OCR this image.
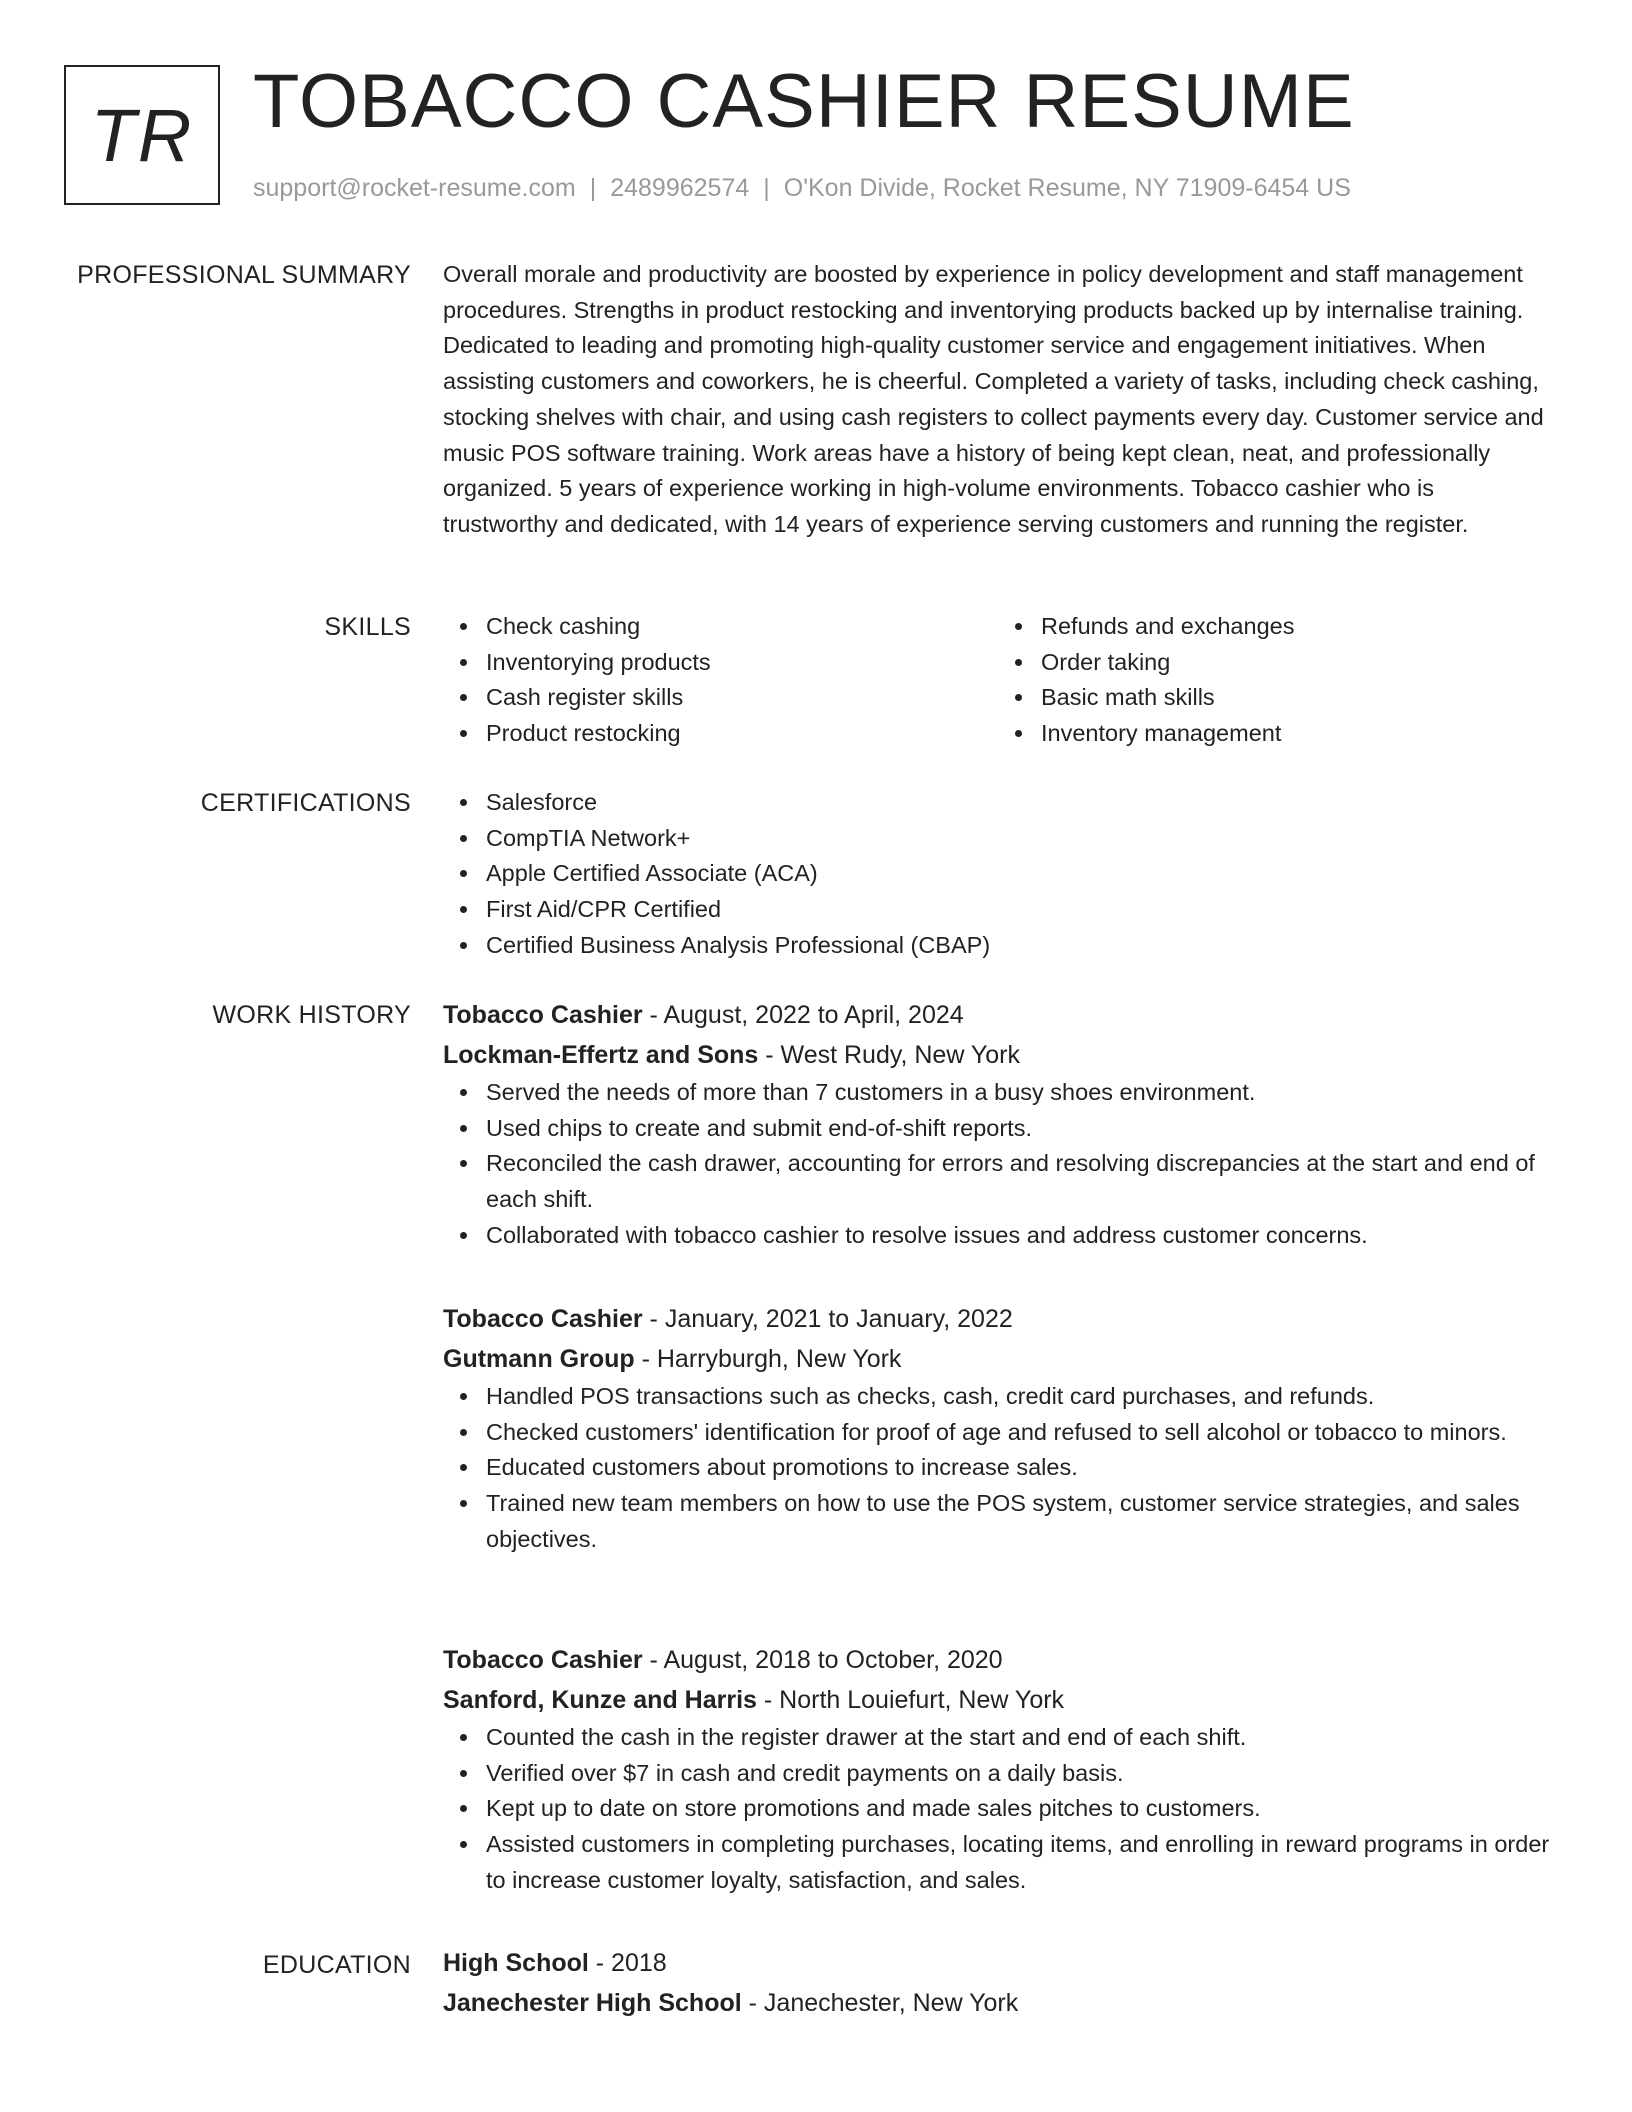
TR TOBACCO CASHIER RESUME
support@rocket-resume.com | 2489962574 | O'Kon Divide, Rocket Resume, NY 71909-6454 US
PROFESSIONAL SUMMARY Overall morale and productivity are boosted by experience in policy development and staff management procedures. Strengths in product restocking and inventorying products backed up by internalise training. Dedicated to leading and promoting high-quality customer service and engagement initiatives. When assisting customers and coworkers, he is cheerful. Completed a variety of tasks, including check cashing, stocking shelves with chair, and using cash registers to collect payments every day. Customer service and music POS software training. Work areas have a history of being kept clean, neat, and professionally organized. 5 years of experience working in high-volume environments. Tobacco cashier who is trustworthy and dedicated, with 14 years of experience serving customers and running the register.

SKILLS	Check cashing
Inventorying products
Cash register skills
Product restocking
Refunds and exchanges
Order taking
Basic math skills
Inventory management
CERTIFICATIONS	Salesforce
CompTIA Network+
Apple Certified Associate (ACA)
First Aid/CPR Certified
Certified Business Analysis Professional (CBAP)
WORK HISTORY Tobacco Cashier - August, 2022 to April, 2024
Lockman-Effertz and Sons - West Rudy, New York
Served the needs of more than 7 customers in a busy shoes environment.
Used chips to create and submit end-of-shift reports.
Reconciled the cash drawer, accounting for errors and resolving discrepancies at the start and end of each shift.
Collaborated with tobacco cashier to resolve issues and address customer concerns.
Tobacco Cashier - January, 2021 to January, 2022
Gutmann Group - Harryburgh, New York
Handled POS transactions such as checks, cash, credit card purchases, and refunds.
Checked customers' identification for proof of age and refused to sell alcohol or tobacco to minors.
Educated customers about promotions to increase sales.
Trained new team members on how to use the POS system, customer service strategies, and sales objectives.
Tobacco Cashier - August, 2018 to October, 2020
Sanford, Kunze and Harris - North Louiefurt, New York
Counted the cash in the register drawer at the start and end of each shift.
Verified over $7 in cash and credit payments on a daily basis.
Kept up to date on store promotions and made sales pitches to customers.
Assisted customers in completing purchases, locating items, and enrolling in reward programs in order to increase customer loyalty, satisfaction, and sales.
EDUCATION High School - 2018
Janechester High School - Janechester, New York
